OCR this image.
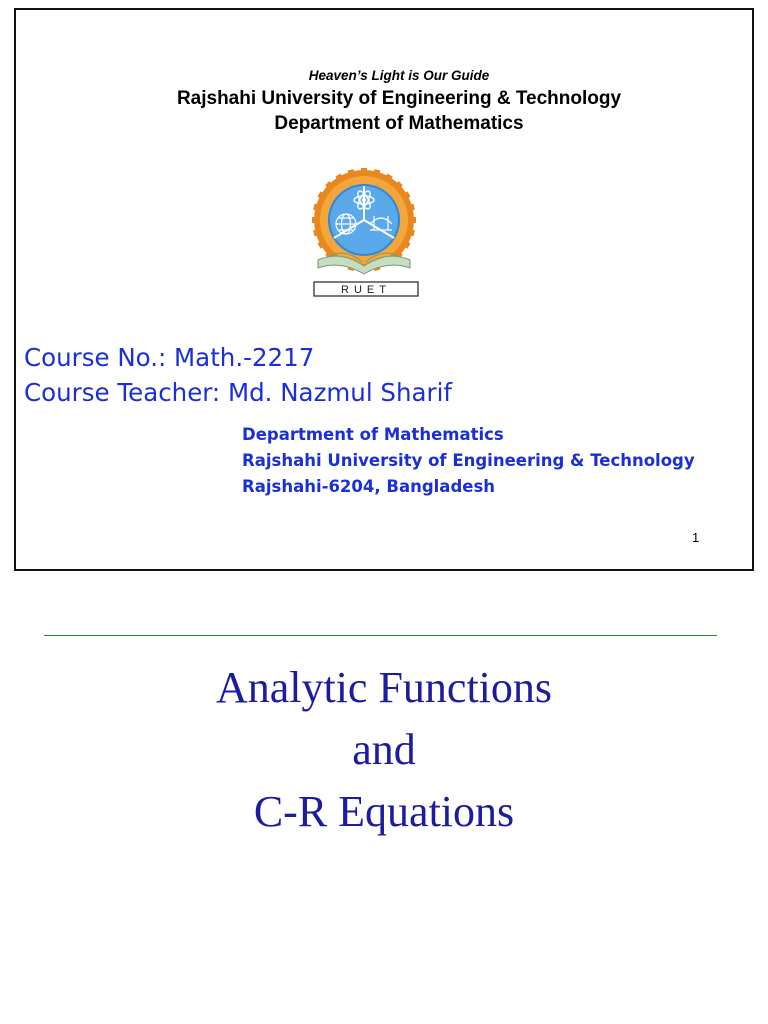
Heaven’s Light is Our Guide
Rajshahi University of Engineering & Technology
Department of Mathematics
RUET
Course No.: Math.-2217
Course Teacher: Md. Nazmul Sharif
Department of Mathematics
Rajshahi University of Engineering & Technology
Rajshahi-6204, Bangladesh
1
Analytic Functions
and
C-R Equations
